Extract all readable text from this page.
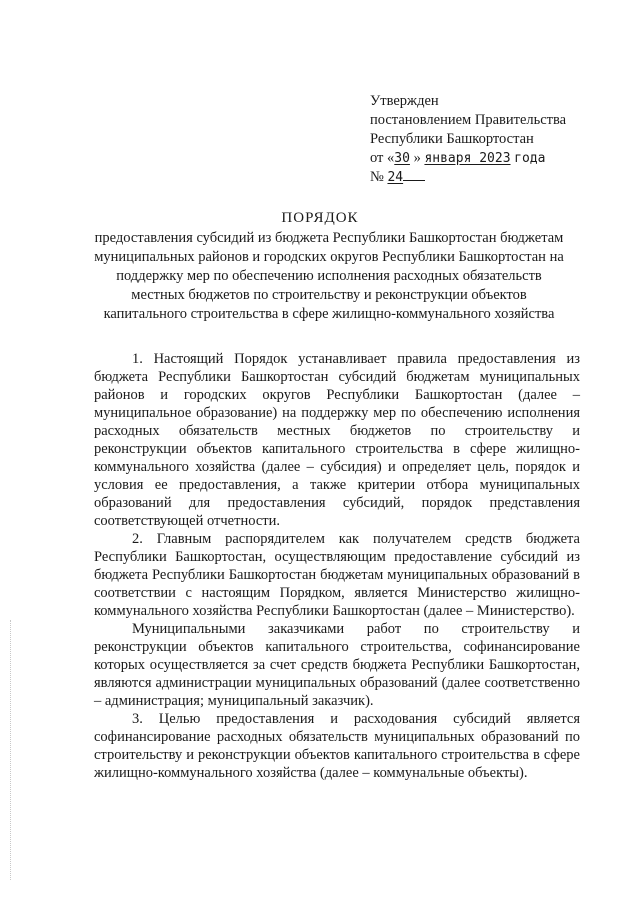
Утвержден
постановлением Правительства
Республики Башкортостан
от «30 » января 2023 года
№ 24
ПОРЯДОК
предоставления субсидий из бюджета Республики Башкортостан бюджетам муниципальных районов и городских округов Республики Башкортостан на поддержку мер по обеспечению исполнения расходных обязательств местных бюджетов по строительству и реконструкции объектов капитального строительства в сфере жилищно-коммунального хозяйства

1. Настоящий Порядок устанавливает правила предоставления из бюджета Республики Башкортостан субсидий бюджетам муниципальных районов и городских округов Республики Башкортостан (далее – муниципальное образование) на поддержку мер по обеспечению исполнения расходных обязательств местных бюджетов по строительству и реконструкции объектов капитального строительства в сфере жилищно-коммунального хозяйства (далее – субсидия) и определяет цель, порядок и условия ее предоставления, а также критерии отбора муниципальных образований для предоставления субсидий, порядок представления соответствующей отчетности.

2. Главным распорядителем как получателем средств бюджета Республики Башкортостан, осуществляющим предоставление субсидий из бюджета Республики Башкортостан бюджетам муниципальных образований в соответствии с настоящим Порядком, является Министерство жилищно-коммунального хозяйства Республики Башкортостан (далее – Министерство).

Муниципальными заказчиками работ по строительству и реконструкции объектов капитального строительства, софинансирование которых осуществляется за счет средств бюджета Республики Башкортостан, являются администрации муниципальных образований (далее соответственно – администрация; муниципальный заказчик).

3. Целью предоставления и расходования субсидий является софинансирование расходных обязательств муниципальных образований по строительству и реконструкции объектов капитального строительства в сфере жилищно-коммунального хозяйства (далее – коммунальные объекты).
